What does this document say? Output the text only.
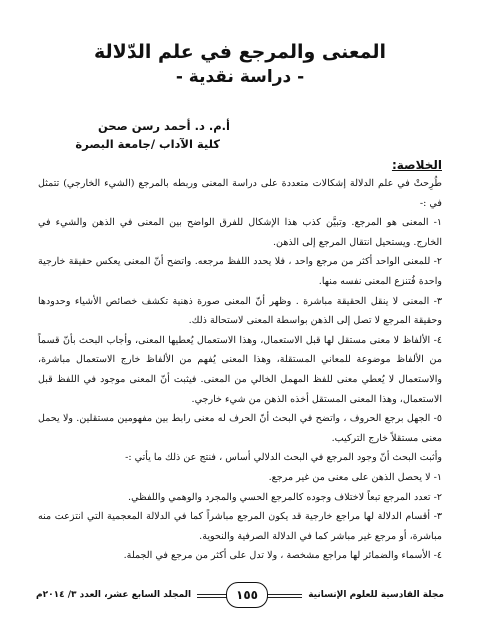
المعنى والمرجع في علم الدّلالة
- دراسة نقدية -
أ.م. د. أحمد رسن صحن
كلية الآداب /جامعة البصرة
الخلاصة:

طُرِحتْ في علم الدلالة إشكالات متعددة على دراسة المعنى وربطه بالمرجع (الشيء الخارجي) تتمثل في :-

١- المعنى هو المرجع. وتبيَّن كذب هذا الإشكال للفرق الواضح بين المعنى في الذهن والشيء في الخارج. ويستحيل انتقال المرجع إلى الذهن.

٢- للمعنى الواحد أكثر من مرجع واحد ، فلا يحدد اللفظ مرجعه. واتضح أنّ المعنى يعكس حقيقة خارجية واحدة فُتنزع المعنى نفسه منها.

٣- المعنى لا ينقل الحقيقة مباشرة . وظهر أنّ المعنى صورة ذهنية تكشف خصائص الأشياء وحدودها وحقيقة المرجع لا تصل إلى الذهن بواسطة المعنى لاستحالة ذلك.

٤- الألفاظ لا معنى مستقل لها قبل الاستعمال، وهذا الاستعمال يُعطيها المعنى، وأجاب البحث بأنّ قسماً من الألفاظ موضوعة للمعاني المستقلة، وهذا المعنى يُفهم من الألفاظ خارج الاستعمال مباشرة، والاستعمال لا يُعطي معنى للفظ المهمل الخالي من المعنى. فيثبت أنّ المعنى موجود في اللفظ قبل الاستعمال، وهذا المعنى المستقل أخذه الذهن من شيء خارجي.

٥- الجهل برجع الحروف ، واتضح في البحث أنّ الحرف له معنى رابط بين مفهومين مستقلين. ولا يحمل معنى مستقلاً خارج التركيب.

وأثبت البحث أنّ وجود المرجع في البحث الدلالي أساس ، فنتج عن ذلك ما يأتي :-

١- لا يحصل الذهن على معنى من غير مرجع.

٢- تعدد المرجع تبعاً لاختلاف وجوده كالمرجع الحسي والمجرد والوهمي واللفظي.

٣- أقسام الدلالة لها مراجع خارجية قد يكون المرجع مباشراً كما في الدلالة المعجمية التي انتزعت منه مباشرة، أو مرجع غير مباشر كما في الدلالة الصرفية والنحوية.

٤- الأسماء والضمائر لها مراجع مشخصة ، ولا تدل على أكثر من مرجع في الجملة.

مجلة القادسية للعلوم الإنسانية
١٥٥
المجلد السابع عشر، العدد ٣/ ٢٠١٤م
